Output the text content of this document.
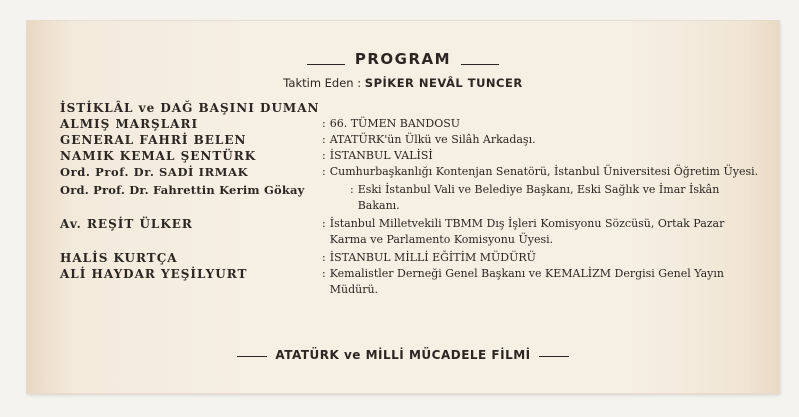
PROGRAM
Taktim Eden : SPİKER NEVÂL TUNCER
İSTİKLÂL ve DAĞ BAŞINI DUMAN
ALMIŞ MARŞLARI	: 66. TÜMEN BANDOSU
GENERAL FAHRİ BELEN	: ATATÜRK'ün Ülkü ve Silâh Arkadaşı.
NAMIK KEMAL ŞENTÜRK	: İSTANBUL VALİSİ
Ord. Prof. Dr. SADİ IRMAK	: Cumhurbaşkanlığı Kontenjan Senatörü, İstanbul Üniversitesi Öğretim Üyesi.
Ord. Prof. Dr. Fahrettin Kerim Gökay	: Eski İstanbul Vali ve Belediye Başkanı, Eski Sağlık ve İmar İskân Bakanı.
Av. REŞİT ÜLKER	: İstanbul Milletvekili TBMM Dış İşleri Komisyonu Sözcüsü, Ortak Pazar Karma ve Parlamento Komisyonu Üyesi.
HALİS KURTÇA	: İSTANBUL MİLLİ EĞİTİM MÜDÜRÜ
ALİ HAYDAR YEŞİLYURT	: Kemalistler Derneği Genel Başkanı ve KEMALİZM Dergisi Genel Yayın Müdürü.
ATATÜRK ve MİLLİ MÜCADELE FİLMİ
